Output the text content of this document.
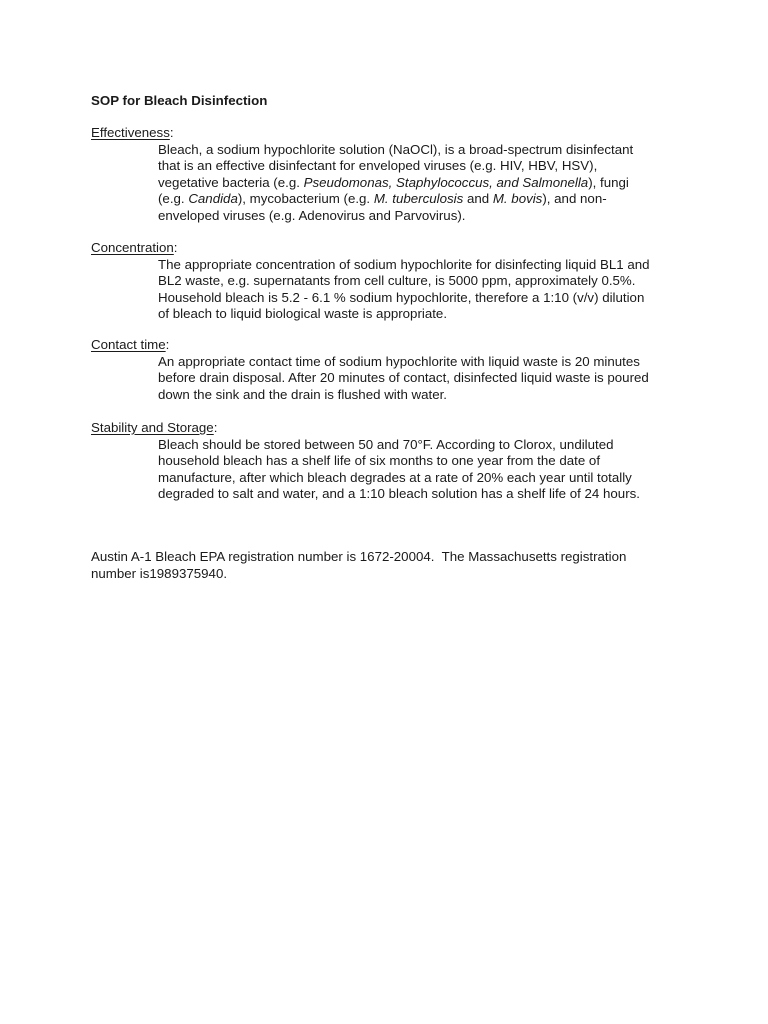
SOP for Bleach Disinfection

Effectiveness:

Bleach, a sodium hypochlorite solution (NaOCl), is a broad-spectrum disinfectant
that is an effective disinfectant for enveloped viruses (e.g. HIV, HBV, HSV),
vegetative bacteria (e.g. Pseudomonas, Staphylococcus, and Salmonella), fungi
(e.g. Candida), mycobacterium (e.g. M. tuberculosis and M. bovis), and non-
enveloped viruses (e.g. Adenovirus and Parvovirus).

Concentration:

The appropriate concentration of sodium hypochlorite for disinfecting liquid BL1 and
BL2 waste, e.g. supernatants from cell culture, is 5000 ppm, approximately 0.5%.
Household bleach is 5.2 - 6.1 % sodium hypochlorite, therefore a 1:10 (v/v) dilution
of bleach to liquid biological waste is appropriate.

Contact time:

An appropriate contact time of sodium hypochlorite with liquid waste is 20 minutes
before drain disposal. After 20 minutes of contact, disinfected liquid waste is poured
down the sink and the drain is flushed with water.

Stability and Storage:

Bleach should be stored between 50 and 70°F. According to Clorox, undiluted
household bleach has a shelf life of six months to one year from the date of
manufacture, after which bleach degrades at a rate of 20% each year until totally
degraded to salt and water, and a 1:10 bleach solution has a shelf life of 24 hours.

Austin A-1 Bleach EPA registration number is 1672-20004.  The Massachusetts registration
number is1989375940.
